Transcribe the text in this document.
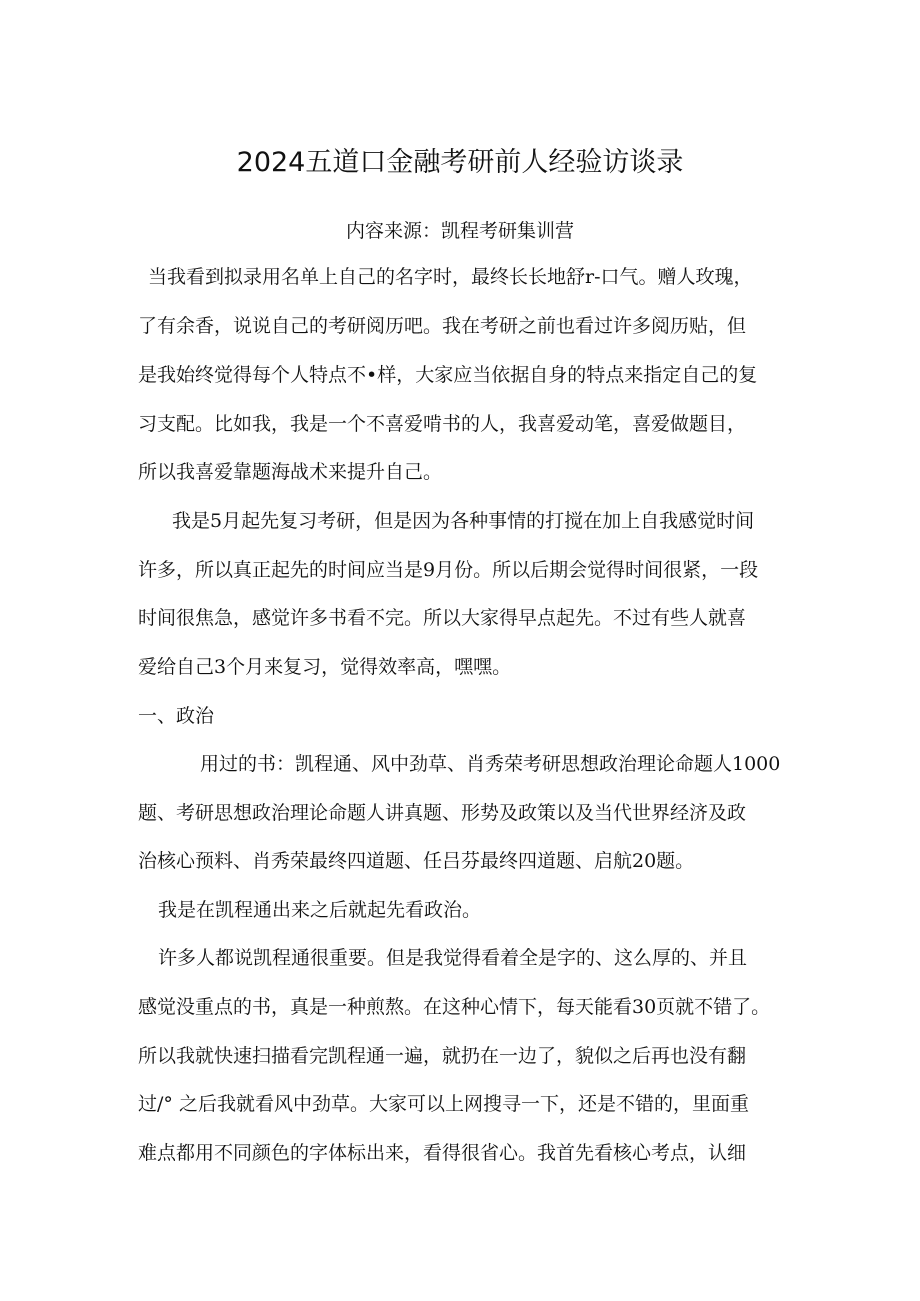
2024五道口金融考研前人经验访谈录
内容来源：凯程考研集训营
当我看到拟录用名单上自己的名字时，最终长长地舒r-口气。赠人玫瑰，
了有余香，说说自己的考研阅历吧。我在考研之前也看过许多阅历贴，但
是我始终觉得每个人特点不•样，大家应当依据自身的特点来指定自己的复
习支配。比如我，我是一个不喜爱啃书的人，我喜爱动笔，喜爱做题目，
所以我喜爱靠题海战术来提升自己。
我是5月起先复习考研，但是因为各种事情的打搅在加上自我感觉时间
许多，所以真正起先的时间应当是9月份。所以后期会觉得时间很紧，一段
时间很焦急，感觉许多书看不完。所以大家得早点起先。不过有些人就喜
爱给自己3个月来复习，觉得效率高，嘿嘿。
一、政治
用过的书：凯程通、风中劲草、肖秀荣考研思想政治理论命题人1000
题、考研思想政治理论命题人讲真题、形势及政策以及当代世界经济及政
治核心预料、肖秀荣最终四道题、任吕芬最终四道题、启航20题。
我是在凯程通出来之后就起先看政治。
许多人都说凯程通很重要。但是我觉得看着全是字的、这么厚的、并且
感觉没重点的书，真是一种煎熬。在这种心情下，每天能看30页就不错了。
所以我就快速扫描看完凯程通一遍，就扔在一边了，貌似之后再也没有翻
过/° 之后我就看风中劲草。大家可以上网搜寻一下，还是不错的，里面重
难点都用不同颜色的字体标出来，看得很省心。我首先看核心考点，认细
